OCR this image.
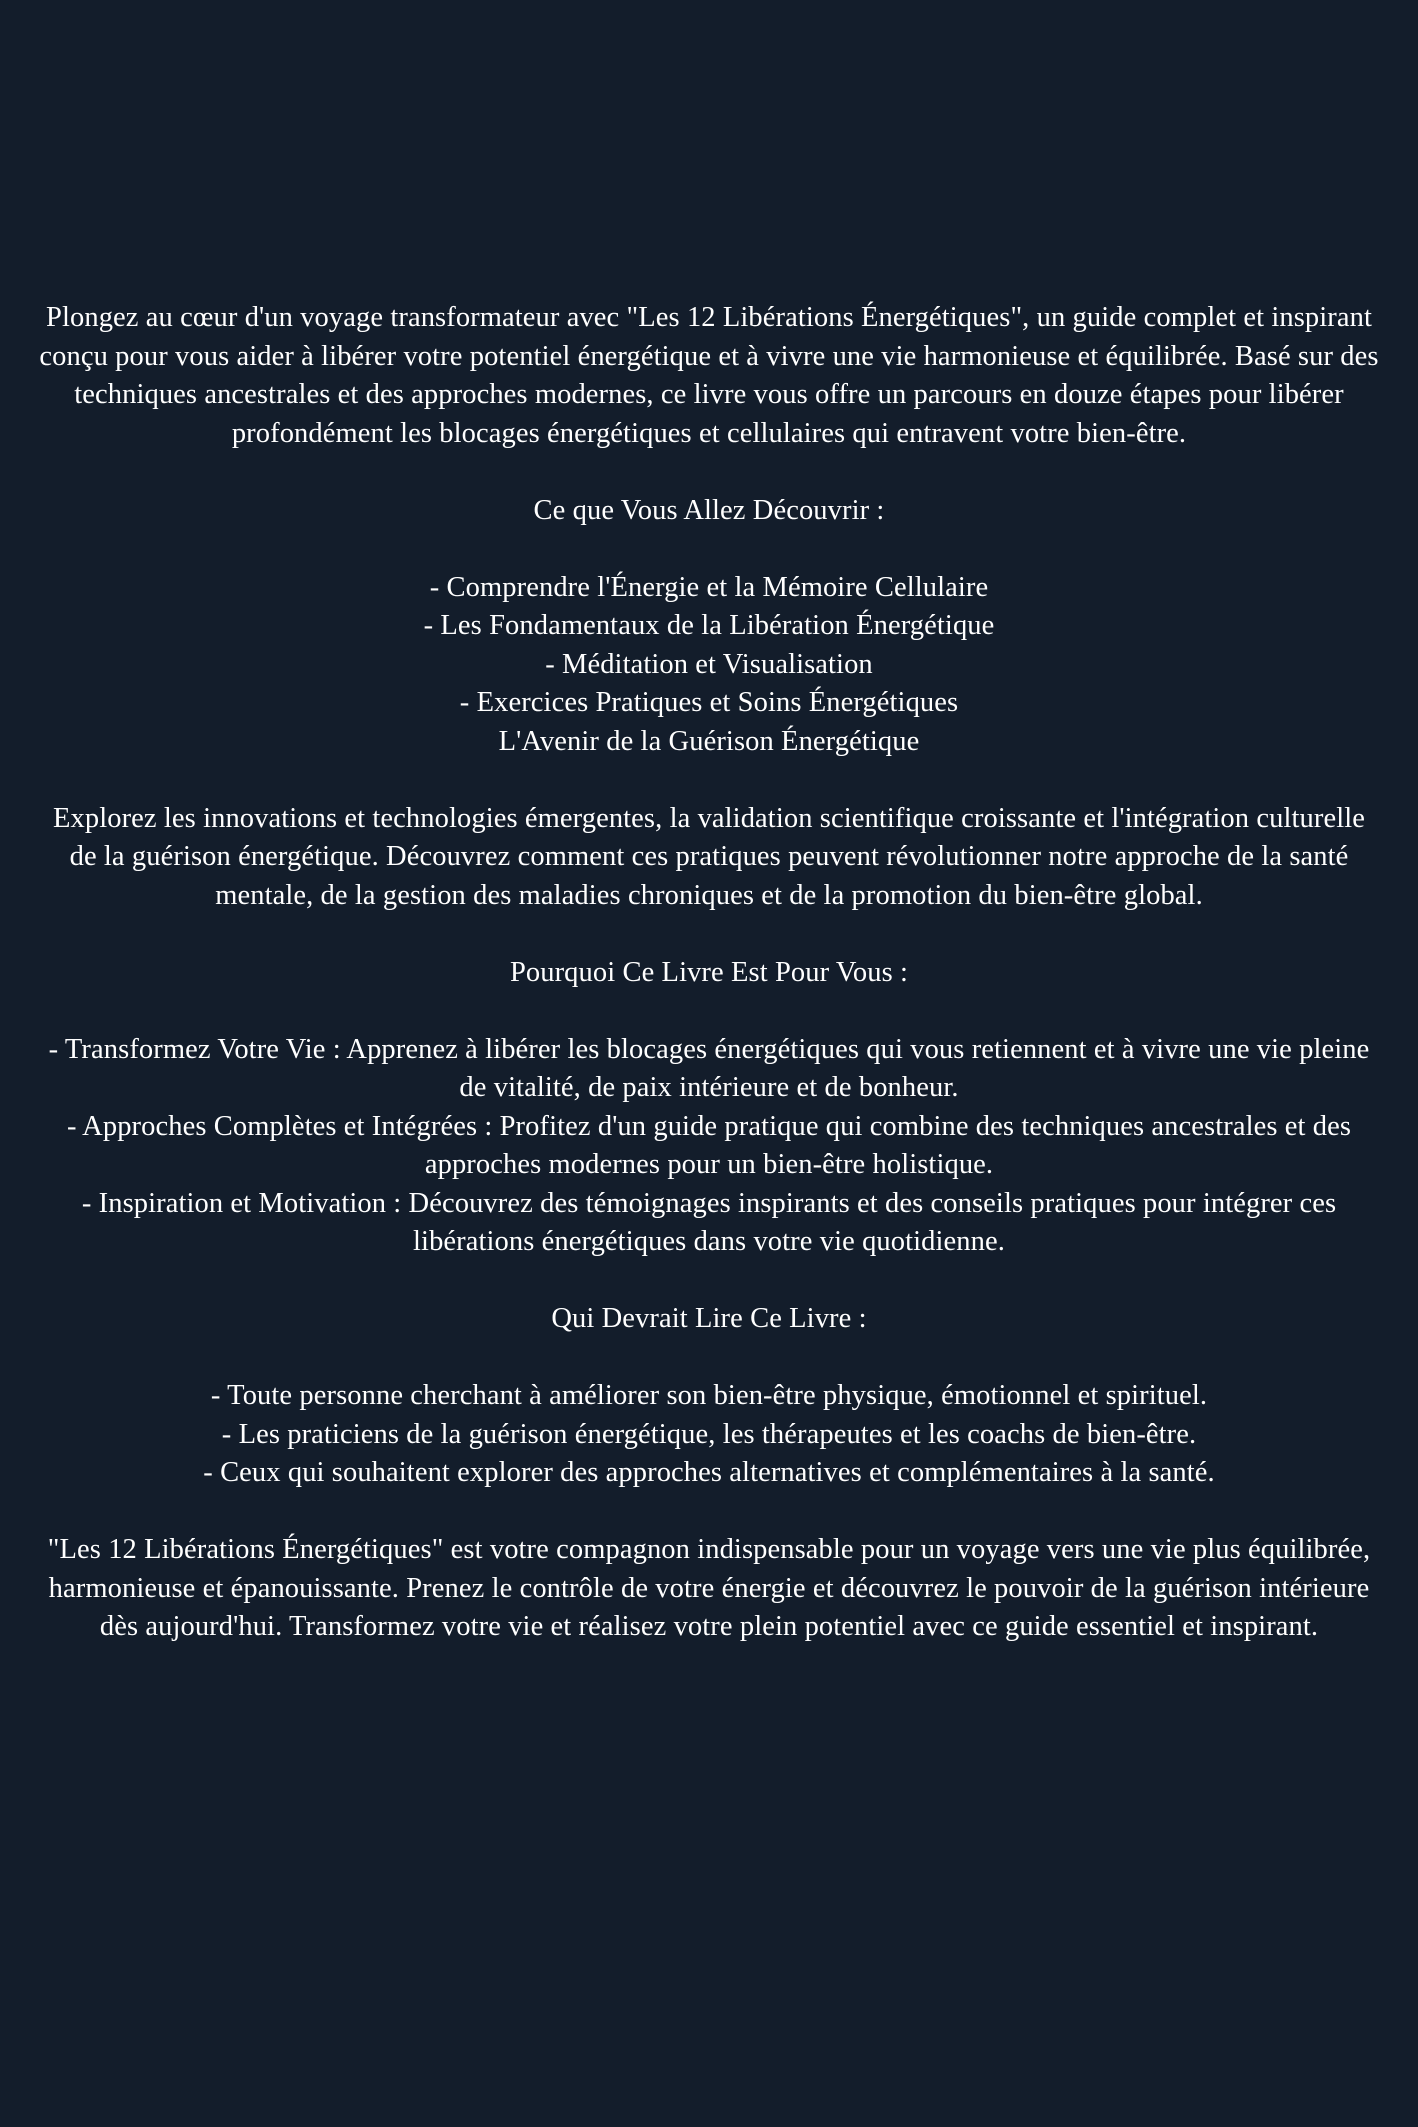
Plongez au cœur d'un voyage transformateur avec "Les 12 Libérations Énergétiques", un guide complet et inspirant conçu pour vous aider à libérer votre potentiel énergétique et à vivre une vie harmonieuse et équilibrée. Basé sur des techniques ancestrales et des approches modernes, ce livre vous offre un parcours en douze étapes pour libérer profondément les blocages énergétiques et cellulaires qui entravent votre bien-être.

Ce que Vous Allez Découvrir :

- Comprendre l'Énergie et la Mémoire Cellulaire
- Les Fondamentaux de la Libération Énergétique
- Méditation et Visualisation
- Exercices Pratiques et Soins Énergétiques
L'Avenir de la Guérison Énergétique

Explorez les innovations et technologies émergentes, la validation scientifique croissante et l'intégration culturelle de la guérison énergétique. Découvrez comment ces pratiques peuvent révolutionner notre approche de la santé mentale, de la gestion des maladies chroniques et de la promotion du bien-être global.

Pourquoi Ce Livre Est Pour Vous :

- Transformez Votre Vie : Apprenez à libérer les blocages énergétiques qui vous retiennent et à vivre une vie pleine de vitalité, de paix intérieure et de bonheur.
- Approches Complètes et Intégrées : Profitez d'un guide pratique qui combine des techniques ancestrales et des approches modernes pour un bien-être holistique.
- Inspiration et Motivation : Découvrez des témoignages inspirants et des conseils pratiques pour intégrer ces libérations énergétiques dans votre vie quotidienne.

Qui Devrait Lire Ce Livre :

- Toute personne cherchant à améliorer son bien-être physique, émotionnel et spirituel.
- Les praticiens de la guérison énergétique, les thérapeutes et les coachs de bien-être.
- Ceux qui souhaitent explorer des approches alternatives et complémentaires à la santé.

"Les 12 Libérations Énergétiques" est votre compagnon indispensable pour un voyage vers une vie plus équilibrée, harmonieuse et épanouissante. Prenez le contrôle de votre énergie et découvrez le pouvoir de la guérison intérieure dès aujourd'hui. Transformez votre vie et réalisez votre plein potentiel avec ce guide essentiel et inspirant.
